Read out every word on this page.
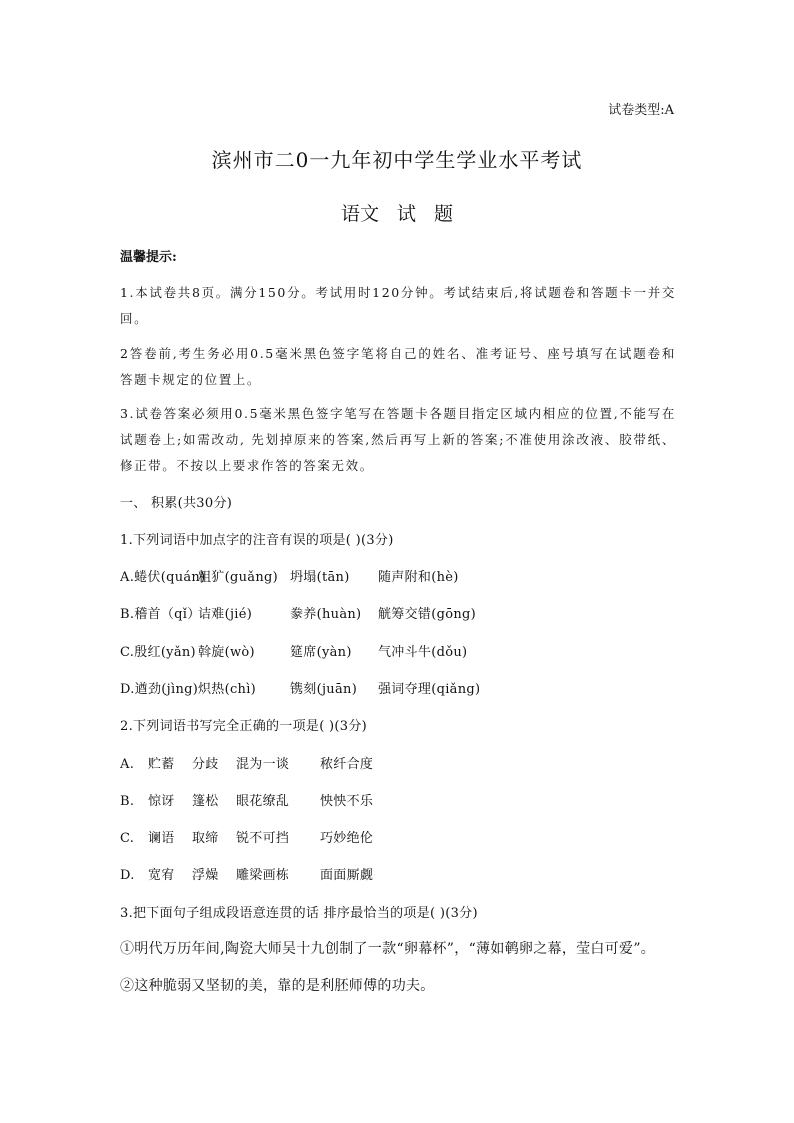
试卷类型:A
滨州市二0一九年初中学生学业水平考试
语文 试 题
温馨提示:
1.本试卷共8页。满分150分。考试用时120分钟。考试结束后,将试题卷和答题卡一并交回。
2答卷前,考生务必用0.5毫米黑色签字笔将自己的姓名、准考证号、座号填写在试题卷和答题卡规定的位置上。
3.试卷答案必须用0.5毫米黑色签字笔写在答题卡各题目指定区域内相应的位置,不能写在试题卷上;如需改动, 先划掉原来的答案,然后再写上新的答案;不准使用涂改液、胶带纸、修正带。不按以上要求作答的答案无效。
一、 积累(共30分)
1.下列词语中加点字的注音有误的项是( )(3分)
A.蜷伏(quán)粗犷(guǎng) 坍塌(tān) 随声附和(hè)
B.稽首（qǐ）诘难(jié)	豢养(huàn) 觥筹交错(gōng)
C.殷红(yǎn) 斡旋(wò)	筵席(yàn) 气冲斗牛(dǒu)
D.遒劲(jìng)炽热(chì)	镌刻(juān) 强词夺理(qiǎng)
2.下列词语书写完全正确的一项是( )(3分)
A. 贮蓄 分歧 混为一谈 秾纤合度
B. 惊讶 篷松 眼花缭乱 怏怏不乐
C. 谰语 取缔 锐不可挡 巧妙绝伦
D. 宽宥 浮燥 雕梁画栋 面面厮觑
3.把下面句子组成段语意连贯的话 排序最恰当的项是( )(3分)
①明代万历年间,陶瓷大师吴十九创制了一款“卵幕杯”，“薄如鹌卵之幕，莹白可爱”。
②这种脆弱又坚韧的美，靠的是利胚师傅的功夫。
